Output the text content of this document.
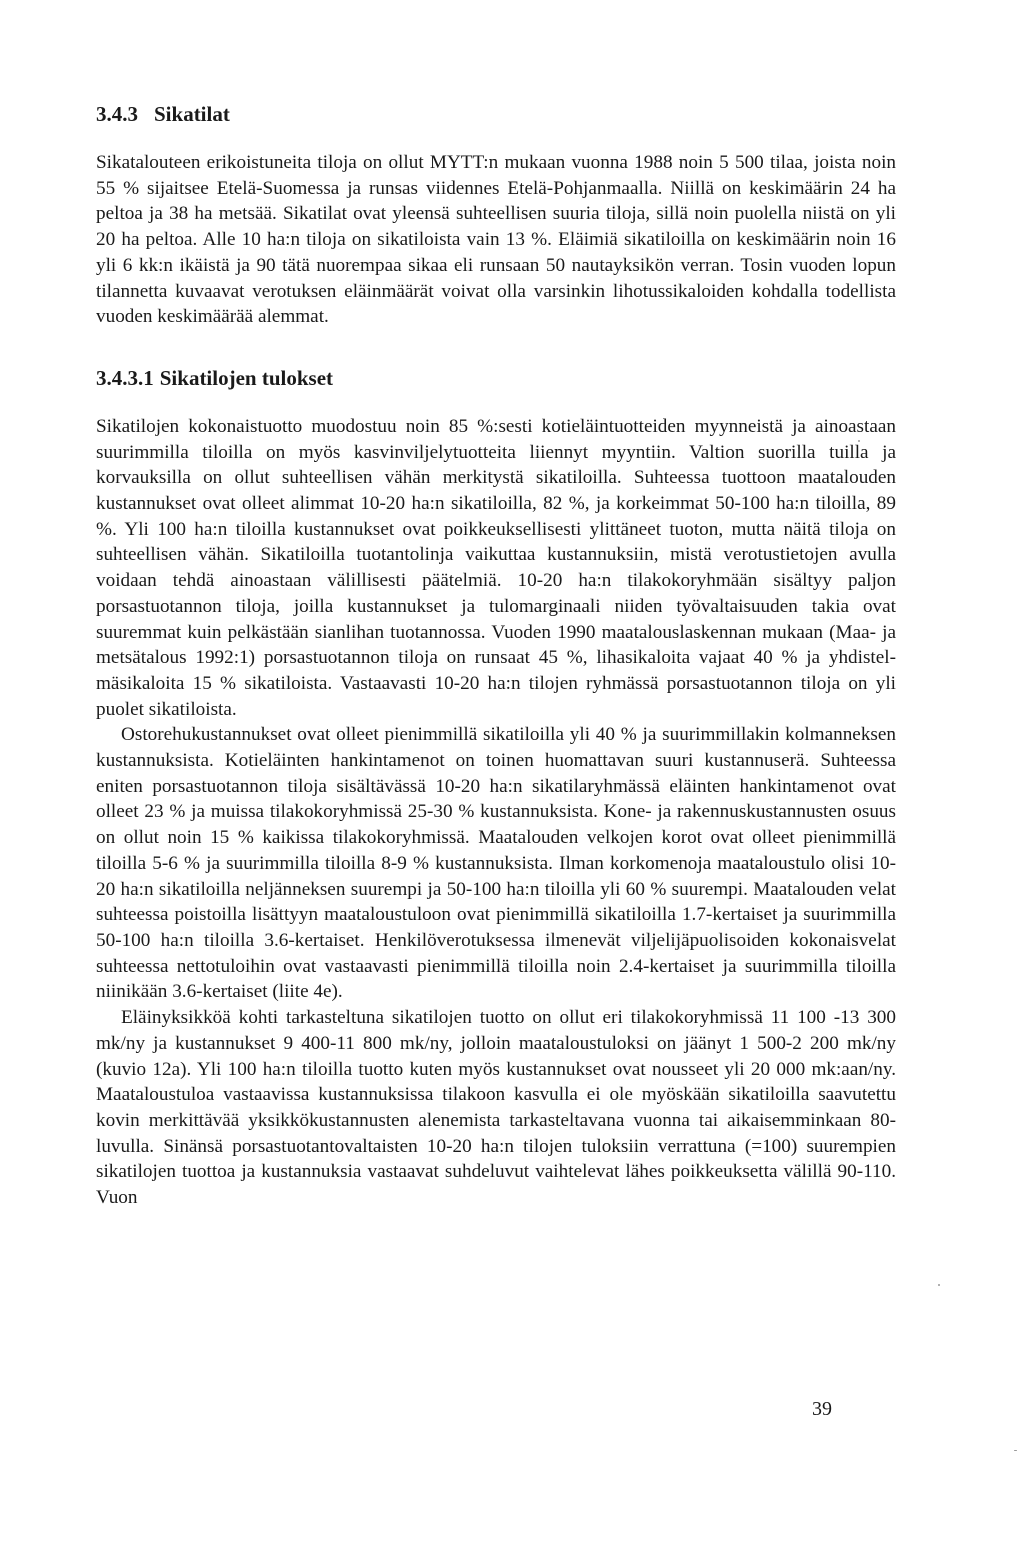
3.4.3 Sikatilat

Sikatalouteen erikoistuneita tiloja on ollut MYTT:n mukaan vuonna 1988 noin 5 500 tilaa, joista noin 55 % sijaitsee Etelä-Suomessa ja runsas viidennes Etelä-Pohjanmaalla. Niillä on keskimäärin 24 ha peltoa ja 38 ha metsää. Sikatilat ovat yleensä suhteellisen suuria tiloja, sillä noin puolella niistä on yli 20 ha peltoa. Alle 10 ha:n tiloja on sikatiloista vain 13 %. Eläimiä sikatiloilla on keskimäärin noin 16 yli 6 kk:n ikäistä ja 90 tätä nuorempaa sikaa eli runsaan 50 nautayksikön verran. Tosin vuoden lopun tilannetta kuvaavat verotuksen eläinmäärät voivat olla varsinkin lihotussikaloiden kohdalla todellista vuoden keskimäärää alemmat.

3.4.3.1 Sikatilojen tulokset

Sikatilojen kokonaistuotto muodostuu noin 85 %:sesti kotieläintuotteiden myynneistä ja ainoastaan suurimmilla tiloilla on myös kasvinviljelytuotteita liiennyt myyntiin. Valtion suorilla tuilla ja korvauksilla on ollut suhteellisen vähän merkitystä sikatiloilla. Suhteessa tuottoon maatalouden kustannukset ovat olleet alimmat 10-20 ha:n sikatiloilla, 82 %, ja korkeimmat 50-100 ha:n tiloilla, 89 %. Yli 100 ha:n tiloilla kustannukset ovat poikkeuksellisesti ylittäneet tuoton, mutta näitä tiloja on suhteellisen vähän. Sikatiloilla tuotantolinja vaikuttaa kustannuksiin, mistä verotustietojen avulla voidaan tehdä ainoastaan välillisesti päätelmiä. 10-20 ha:n tilakokoryhmään sisältyy paljon porsastuotannon tiloja, joilla kustannukset ja tulomarginaali niiden työvaltaisuuden takia ovat suuremmat kuin pelkästään sianlihan tuotannossa. Vuoden 1990 maatalouslaskennan mukaan (Maa- ja metsätalous 1992:1) porsastuotannon tiloja on runsaat 45 %, lihasikaloita vajaat 40 % ja yhdistelmäsikaloita 15 % sikatiloista. Vastaavasti 10-20 ha:n tilojen ryhmässä porsastuotannon tiloja on yli puolet sikatiloista.

Ostorehukustannukset ovat olleet pienimmillä sikatiloilla yli 40 % ja suurimmillakin kolmanneksen kustannuksista. Kotieläinten hankintamenot on toinen huomattavan suuri kustannuserä. Suhteessa eniten porsastuotannon tiloja sisältävässä 10-20 ha:n sikatilaryhmässä eläinten hankintamenot ovat olleet 23 % ja muissa tilakokoryhmissä 25-30 % kustannuksista. Kone- ja rakennuskustannusten osuus on ollut noin 15 % kaikissa tilakokoryhmissä. Maatalouden velkojen korot ovat olleet pienimmillä tiloilla 5-6 % ja suurimmilla tiloilla 8-9 % kustannuksista. Ilman korkomenoja maataloustulo olisi 10-20 ha:n sikatiloilla neljänneksen suurempi ja 50-100 ha:n tiloilla yli 60 % suurempi. Maatalouden velat suhteessa poistoilla lisättyyn maataloustuloon ovat pienimmillä sikatiloilla 1.7-kertaiset ja suurimmilla 50-100 ha:n tiloilla 3.6-kertaiset. Henkilöverotuksessa ilmenevät viljelijäpuolisoiden kokonaisvelat suhteessa nettotuloihin ovat vastaavasti pienimmillä tiloilla noin 2.4-kertaiset ja suurimmilla tiloilla niinikään 3.6-kertaiset (liite 4e).

Eläinyksikköä kohti tarkasteltuna sikatilojen tuotto on ollut eri tilakokoryhmissä 11 100 -13 300 mk/ny ja kustannukset 9 400-11 800 mk/ny, jolloin maataloustuloksi on jäänyt 1 500-2 200 mk/ny (kuvio 12a). Yli 100 ha:n tiloilla tuotto kuten myös kustannukset ovat nousseet yli 20 000 mk:aan/ny. Maataloustuloa vastaavissa kustannuksissa tilakoon kasvulla ei ole myöskään sikatiloilla saavutettu kovin merkittävää yksikkökustannusten alenemista tarkasteltavana vuonna tai aikaisemminkaan 80-luvulla. Sinänsä porsastuotantovaltaisten 10-20 ha:n tilojen tuloksiin verrattuna (=100) suurempien sikatilojen tuottoa ja kustannuksia vastaavat suhdeluvut vaihtelevat lähes poikkeuksetta välillä 90-110. Vuon

39
